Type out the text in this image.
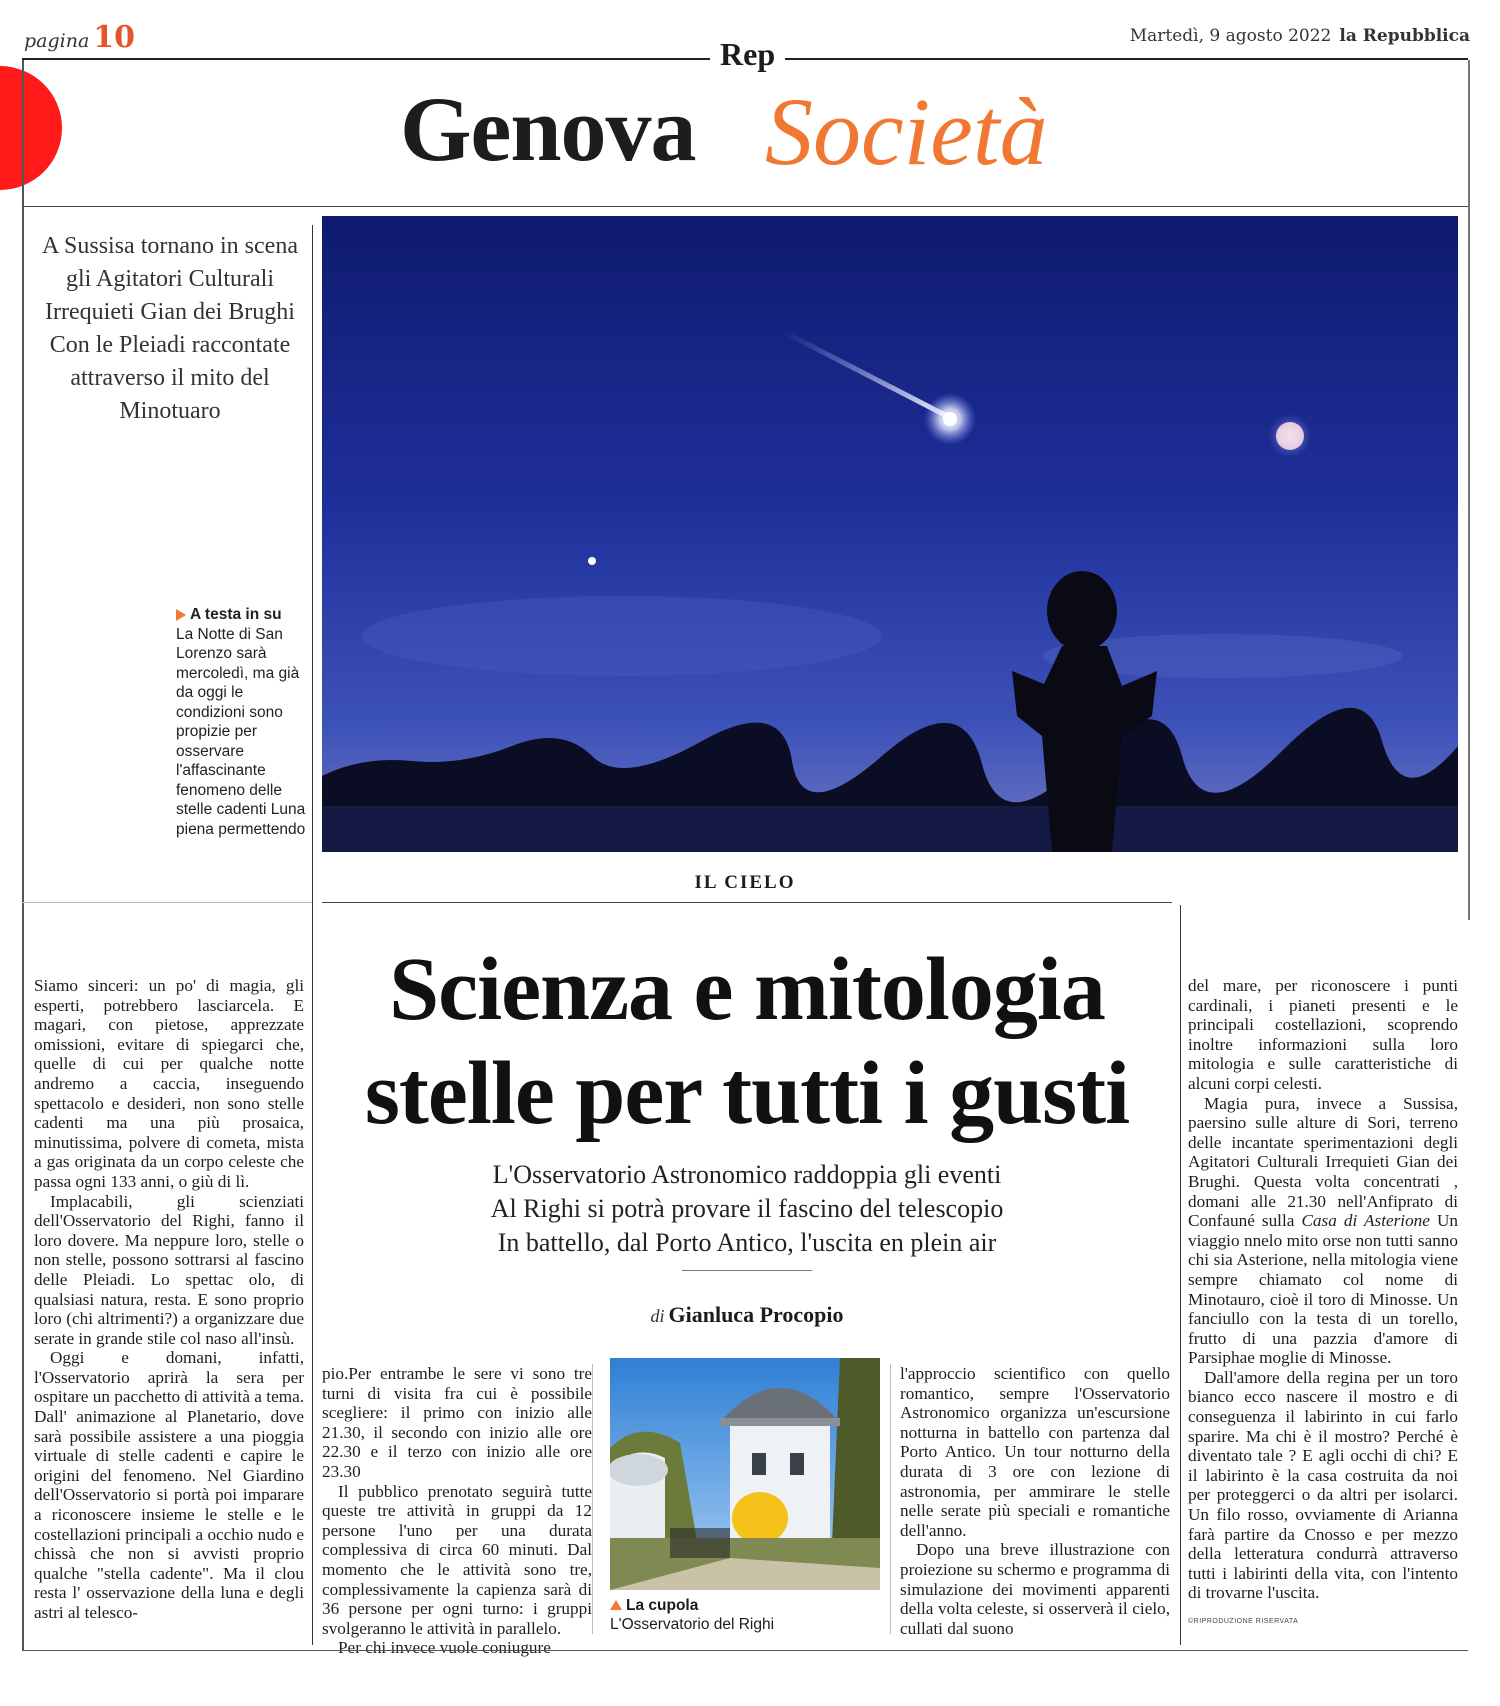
pagina 10	Martedì, 9 agosto 2022 la Repubblica
Rep
Genova Società
A Sussisa tornano in scena gli Agitatori Culturali Irrequieti Gian dei Brughi Con le Pleiadi raccontate attraverso il mito del Minotuaro
A testa in su
La Notte di San Lorenzo sarà mercoledì, ma già da oggi le condizioni sono propizie per osservare l'affascinante fenomeno delle stelle cadenti Luna piena permettendo
IL CIELO
Scienza e mitologia
stelle per tutti i gusti
L'Osservatorio Astronomico raddoppia gli eventi
Al Righi si potrà provare il fascino del telescopio
In battello, dal Porto Antico, l'uscita en plein air
di Gianluca Procopio

Siamo sinceri: un po' di magia, gli esperti, potrebbero lasciarcela. E magari, con pietose, apprezzate omissioni, evitare di spiegarci che, quelle di cui per qualche notte andremo a caccia, inseguendo spettacolo e desideri, non sono stelle cadenti ma una più prosaica, minutissima, polvere di cometa, mista a gas originata da un corpo celeste che passa ogni 133 anni, o giù di lì.

Implacabili, gli scienziati dell'Osservatorio del Righi, fanno il loro dovere. Ma neppure loro, stelle o non stelle, possono sottrarsi al fascino delle Pleiadi. Lo spettac olo, di qualsiasi natura, resta. E sono proprio loro (chi altrimenti?) a organizzare due serate in grande stile col naso all'insù.

Oggi e domani, infatti, l'Osservatorio aprirà la sera per ospitare un pacchetto di attività a tema. Dall' animazione al Planetario, dove sarà possibile assistere a una pioggia virtuale di stelle cadenti e capire le origini del fenomeno. Nel Giardino dell'Osservatorio si portà poi imparare a riconoscere insieme le stelle e le costellazioni principali a occhio nudo e chissà che non si avvisti proprio qualche "stella cadente". Ma il clou resta l' osservazione della luna e degli astri al telesco-

pio.Per entrambe le sere vi sono tre turni di visita fra cui è possibile scegliere: il primo con inizio alle 21.30, il secondo con inizio alle ore 22.30 e il terzo con inizio alle ore 23.30

Il pubblico prenotato seguirà tutte queste tre attività in gruppi da 12 persone l'uno per una durata complessiva di circa 60 minuti. Dal momento che le attività sono tre, complessivamente la capienza sarà di 36 persone per ogni turno: i gruppi svolgeranno le attività in parallelo.

Per chi invece vuole coniugure

La cupola
L'Osservatorio del Righi

l'approccio scientifico con quello romantico, sempre l'Osservatorio Astronomico organizza un'escursione notturna in battello con partenza dal Porto Antico. Un tour notturno della durata di 3 ore con lezione di astronomia, per ammirare le stelle nelle serate più speciali e romantiche dell'anno.

Dopo una breve illustrazione con proiezione su schermo e programma di simulazione dei movimenti apparenti della volta celeste, si osserverà il cielo, cullati dal suono

del mare, per riconoscere i punti cardinali, i pianeti presenti e le principali costellazioni, scoprendo inoltre informazioni sulla loro mitologia e sulle caratteristiche di alcuni corpi celesti.

Magia pura, invece a Sussisa, paersino sulle alture di Sori, terreno delle incantate sperimentazioni degli Agitatori Culturali Irrequieti Gian dei Brughi. Questa volta concentrati , domani alle 21.30 nell'Anfiprato di Confauné sulla Casa di Asterione Un viaggio nnelo mito orse non tutti sanno chi sia Asterione, nella mitologia viene sempre chiamato col nome di Minotauro, cioè il toro di Minosse. Un fanciullo con la testa di un torello, frutto di una pazzia d'amore di Parsiphae moglie di Minosse.

Dall'amore della regina per un toro bianco ecco nascere il mostro e di conseguenza il labirinto in cui farlo sparire. Ma chi è il mostro? Perché è diventato tale ? E agli occhi di chi? E il labirinto è la casa costruita da noi per proteggerci o da altri per isolarci. Un filo rosso, ovviamente di Arianna farà partire da Cnosso e per mezzo della letteratura condurrà attraverso tutti i labirinti della vita, con l'intento di trovarne l'uscita.

©RIPRODUZIONE RISERVATA
